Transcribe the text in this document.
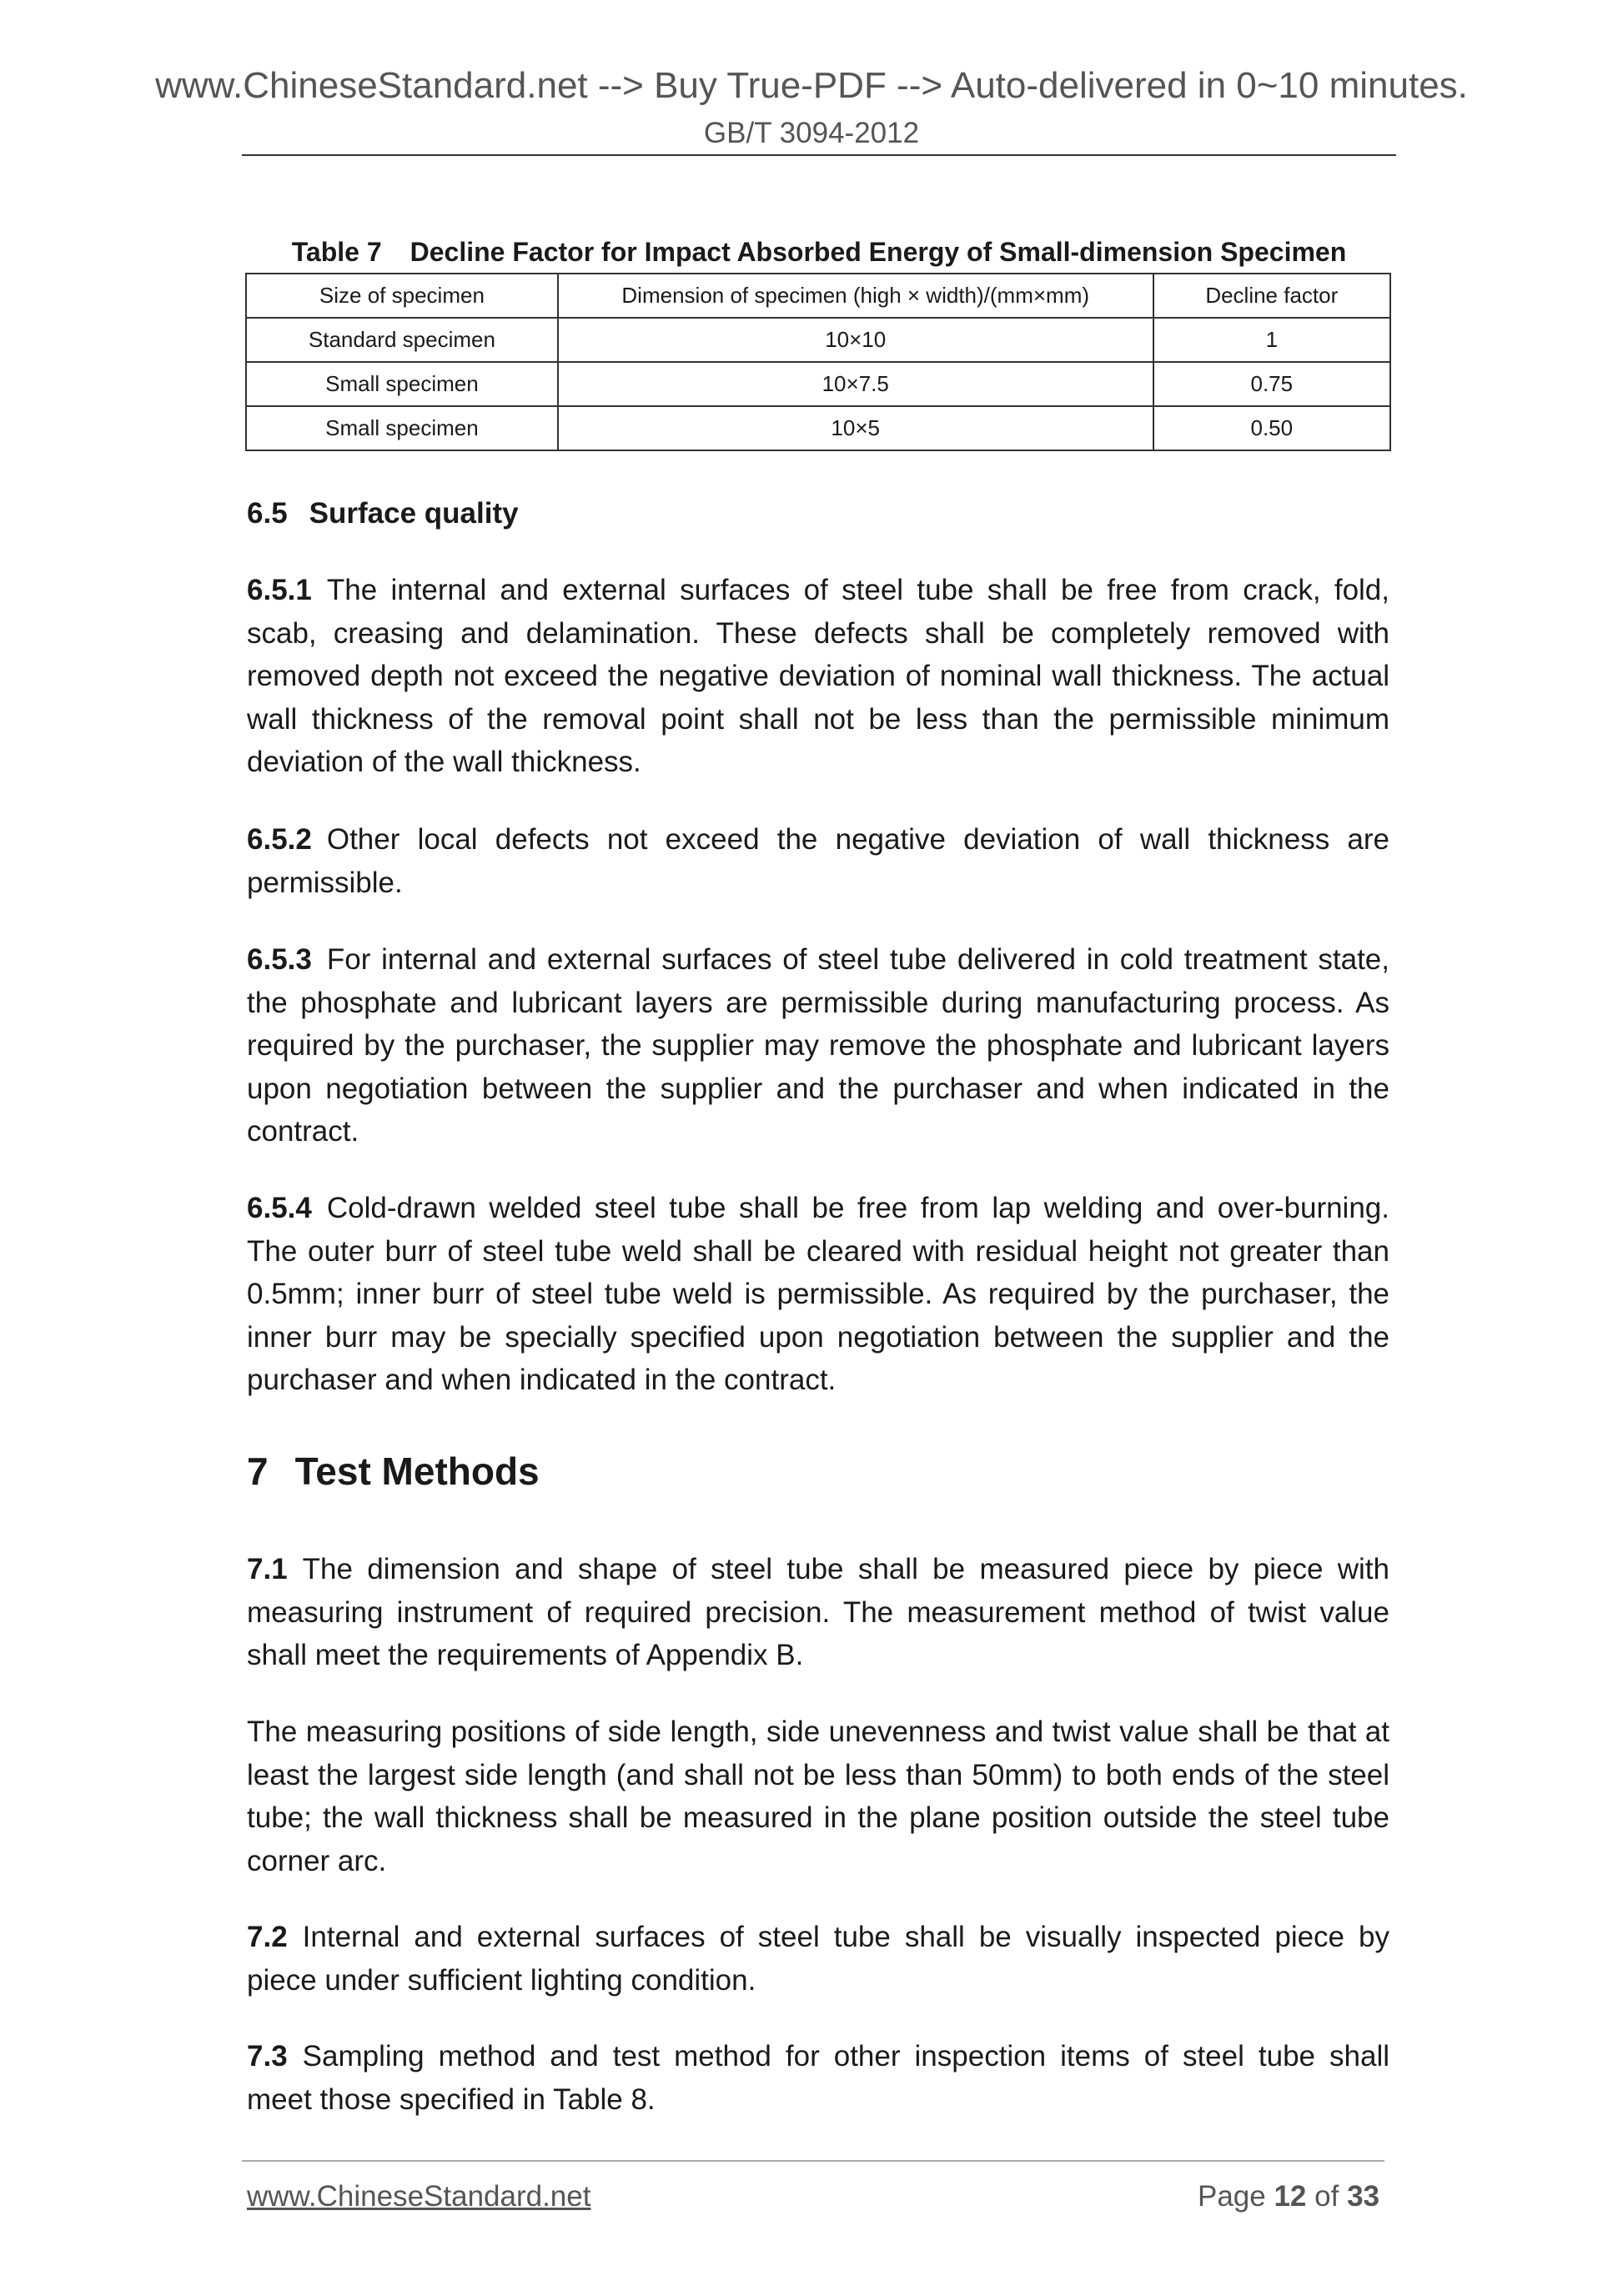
www.ChineseStandard.net --> Buy True-PDF --> Auto-delivered in 0~10 minutes.
GB/T 3094-2012
Table 7 Decline Factor for Impact Absorbed Energy of Small-dimension Specimen
Size of specimen	Dimension of specimen (high × width)/(mm×mm)	Decline factor
Standard specimen	10×10	1
Small specimen	10×7.5	0.75
Small specimen	10×5	0.50
6.5 Surface quality

6.5.1 The internal and external surfaces of steel tube shall be free from crack, fold, scab, creasing and delamination. These defects shall be completely removed with removed depth not exceed the negative deviation of nominal wall thickness. The actual wall thickness of the removal point shall not be less than the permissible minimum deviation of the wall thickness.

6.5.2 Other local defects not exceed the negative deviation of wall thickness are permissible.

6.5.3 For internal and external surfaces of steel tube delivered in cold treatment state, the phosphate and lubricant layers are permissible during manufacturing process. As required by the purchaser, the supplier may remove the phosphate and lubricant layers upon negotiation between the supplier and the purchaser and when indicated in the contract.

6.5.4 Cold-drawn welded steel tube shall be free from lap welding and over-burning. The outer burr of steel tube weld shall be cleared with residual height not greater than 0.5mm; inner burr of steel tube weld is permissible. As required by the purchaser, the inner burr may be specially specified upon negotiation between the supplier and the purchaser and when indicated in the contract.

7 Test Methods

7.1 The dimension and shape of steel tube shall be measured piece by piece with measuring instrument of required precision. The measurement method of twist value shall meet the requirements of Appendix B.

The measuring positions of side length, side unevenness and twist value shall be that at least the largest side length (and shall not be less than 50mm) to both ends of the steel tube; the wall thickness shall be measured in the plane position outside the steel tube corner arc.

7.2 Internal and external surfaces of steel tube shall be visually inspected piece by piece under sufficient lighting condition.

7.3 Sampling method and test method for other inspection items of steel tube shall meet those specified in Table 8.

www.ChineseStandard.net	Page 12 of 33
